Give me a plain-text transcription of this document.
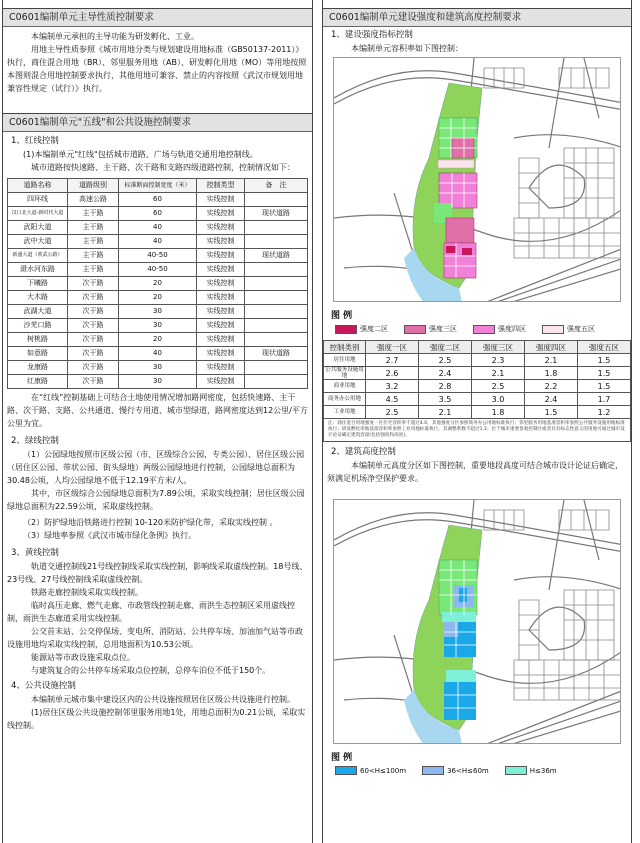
C0601编制单元主导性质控制要求

本编制单元承担的主导功能为研发孵化、工业。

用地主导性质参照《城市用地分类与规划建设用地标准（GB50137-2011）》执行，商住混合用地（BR）、邻里服务用地（AB）、研发孵化用地（MO）等用地按照本图则混合用地控制要求执行，其他用地可兼容、禁止的内容按照《武汉市规划用地兼容性规定（试行）》执行。

C0601编制单元"五线"和公共设施控制要求

1、红线控制

(1)本编制单元"红线"包括城市道路、广场与轨道交通用地控制线。

城市道路按快速路、主干路、次干路和支路四级道路控制，控制情况如下：

道路名称	道路级别	标准断面控制宽度（米）	控制类型	备　注
四环线	高速公路	60	实线控制	
汉口北大道-新时代大道	主干路	60	实线控制	现状道路
武阳大道	主干路	40	实线控制	
武中大道	主干路	40	实线控制	
新盛大道（黄武公路）	主干路	40-50	实线控制	现状道路
滠水河东路	主干路	40-50	实线控制	
下曦路	次干路	20	实线控制	
大木路	次干路	20	实线控制	
武湖大道	次干路	30	实线控制	
沙芜口路	次干路	30	实线控制	
树桃路	次干路	20	实线控制	
如意路	次干路	40	实线控制	现状道路
龙康路	次干路	30	实线控制	
红康路	次干路	30	实线控制	

在“红线”控制基础上可结合土地使用情况增加路网密度，包括快速路、主干路、次干路、支路、公共通道、慢行专用道、城市型绿道，路网密度达到12公里/平方公里为宜。

2、绿线控制

（1）公园绿地按照市区级公园（市、区级综合公园，专类公园）、居住区级公园（居住区公园、带状公园、街头绿地）两级公园绿地进行控制，公园绿地总面积为30.48公顷，人均公园绿地不低于12.19平方米/人。

其中，市区级综合公园绿地总面积为7.89公顷，采取实线控制；居住区级公园绿地总面积为22.59公顷，采取虚线控制。

（2）防护绿地沿铁路进行控制 10-120米防护绿化带，采取实线控制 。

（3）绿地率参照《武汉市城市绿化条例》执行。

3、黄线控制

轨道交通控制线21号线控制线采取实线控制，影响线采取虚线控制。18号线、23号线、27号线控制线采取虚线控制。

铁路走廊控制线采取实线控制。

临时高压走廊、燃气走廊、市政管线控制走廊、雨洪生态控制区采用虚线控制，雨洪生态廊道采用实线控制。

公交首末站、公交停保场、变电所、消防站、公共停车场、加油加气站等市政设施用地均采取实线控制，总用地面积为10.53公顷。

能源站等市政设施采取点位。

与建筑复合的公共停车场采取点位控制，总停车泊位不低于150个。

4、公共设施控制

本编制单元城市集中建设区内的公共设施按照居住区级公共设施进行控制。

(1)居住区级公共设施控制邻里服务用地1处，用地总面积为0.21公顷，采取实线控制。

C0601编制单元建设强度和建筑高度控制要求

1、建设强度指标控制

本编制单元容积率如下图控制：

图 例
强度二区	强度三区	强度四区	强度五区
控制类别	强度一区	强度二区	强度三区	强度四区	强度五区
居住用地	2.7	2.5	2.3	2.1	1.5
公共服务设施用地	2.6	2.4	2.1	1.8	1.5
商业用地	3.2	2.8	2.5	2.2	1.5
商务办公用地	4.5	3.5	3.0	2.4	1.7
工业用地	2.5	2.1	1.8	1.5	1.2
注：商住混合用地强度一区住宅容积率不超过4.0，其他强度分区参照商务办公用地标准执行；邻里服务用地基准容积率参照公共服务设施用地标准执行；研发孵化用地基准容积率参照工业用地标准执行，其调整系数不超过1.2；位于城市重要景观控制区或者具有标志性意义的用地可通过城市设计论证确定建筑容量(包括强度和高度)。

2、建筑高度控制

本编制单元高度分区如下图控制，重要地段高度可结合城市设计论证后确定，须满足机场净空保护要求。

图 例
60<H≤100m	36<H≤60m	H≤36m
